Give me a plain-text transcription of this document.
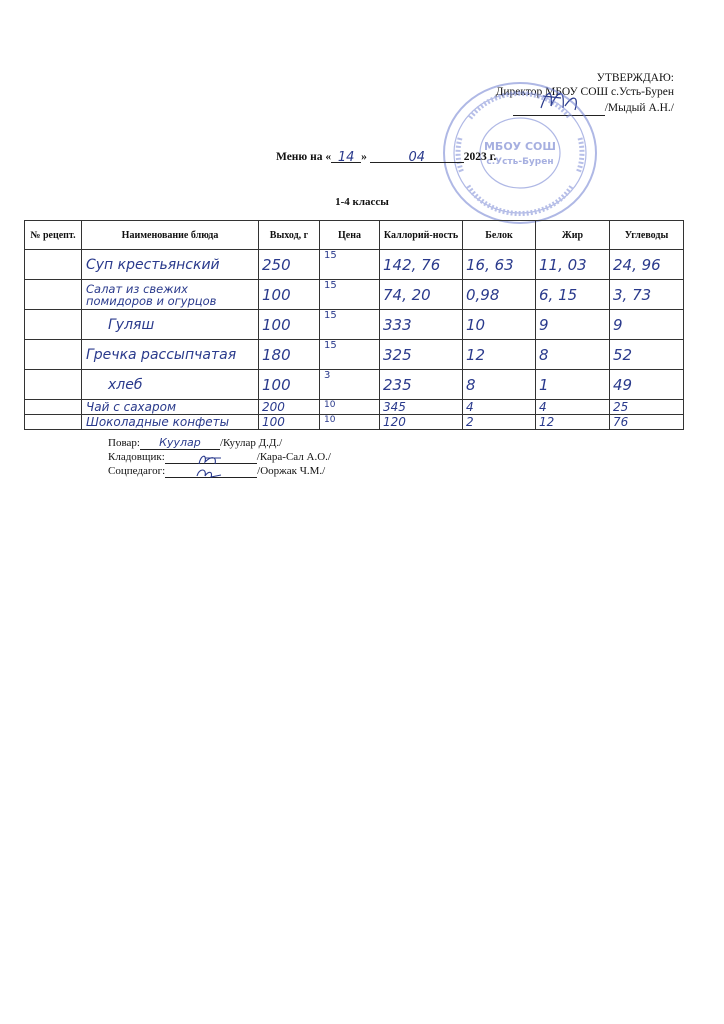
УТВЕРЖДАЮ:
Директор МБОУ СОШ с.Усть-Бурен
/Мыдый А.Н./
МБОУ СОШ
с.Усть-Бурен
Меню на « 14 »	04	2023 г.
1-4 классы
№ рецепт.	Наименование блюда	Выход, г	Цена	Каллорий-ность	Белок	Жир	Углеводы
	Суп крестьянский	250	15	142, 76	16, 63	11, 03	24, 96
	Салат из свежих помидоров и огурцов	100	15	74, 20	0,98	6, 15	3, 73
	Гуляш	100	15	333	10	9	9
	Гречка рассыпчатая	180	15	325	12	8	52
	хлеб	100	3	235	8	1	49
	Чай с сахаром	200	10	345	4	4	25
	Шоколадные конфеты	100	10	120	2	12	76
Повар: Куулар /Куулар Д.Д./
Кладовщик:	/Кара-Сал А.О./
Соцпедагог:	/Ооржак Ч.М./
